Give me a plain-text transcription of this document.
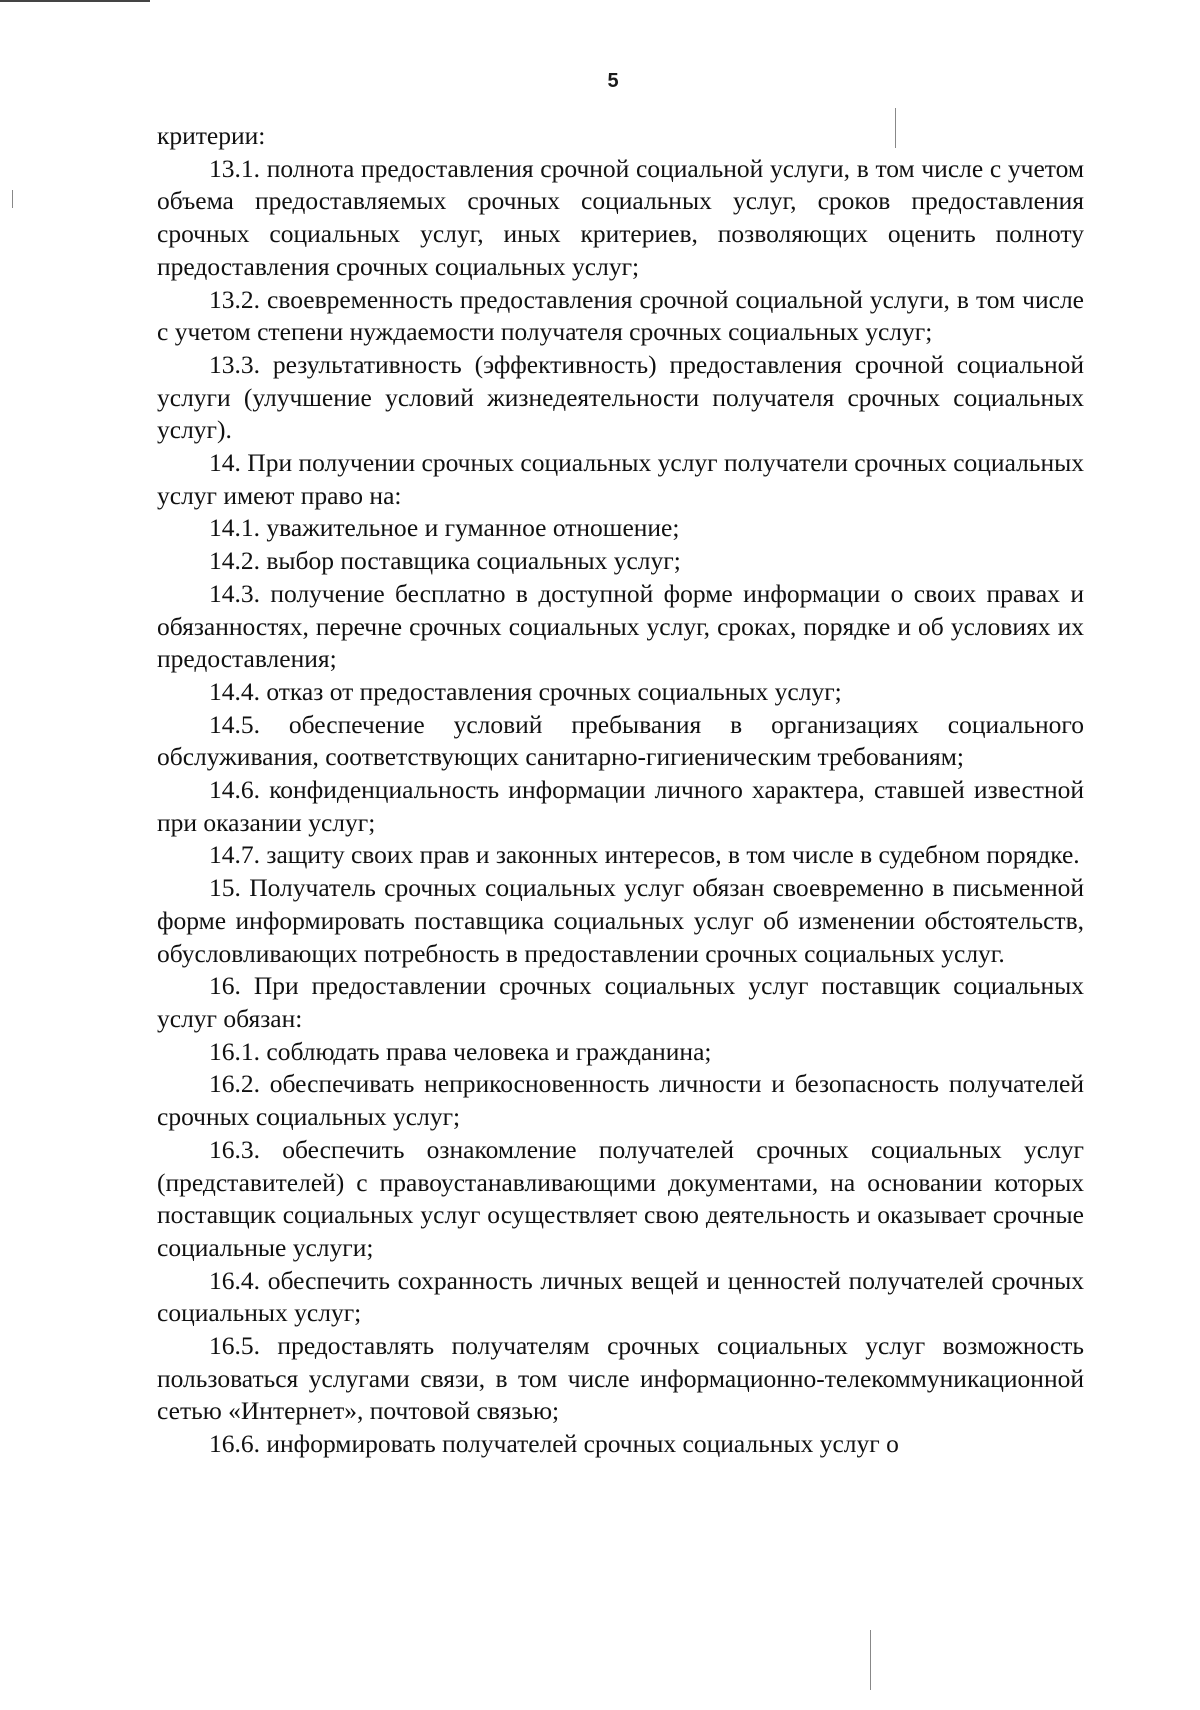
5

критерии:

13.1. полнота предоставления срочной социальной услуги, в том числе с учетом объема предоставляемых срочных социальных услуг, сроков предоставления срочных социальных услуг, иных критериев, позволяющих оценить полноту предоставления срочных социальных услуг;

13.2. своевременность предоставления срочной социальной услуги, в том числе с учетом степени нуждаемости получателя срочных социальных услуг;

13.3. результативность (эффективность) предоставления срочной социальной услуги (улучшение условий жизнедеятельности получателя срочных социальных услуг).

14. При получении срочных социальных услуг получатели срочных социальных услуг имеют право на:

14.1. уважительное и гуманное отношение;

14.2. выбор поставщика социальных услуг;

14.3. получение бесплатно в доступной форме информации о своих правах и обязанностях, перечне срочных социальных услуг, сроках, порядке и об условиях их предоставления;

14.4. отказ от предоставления срочных социальных услуг;

14.5. обеспечение условий пребывания в организациях социального обслуживания, соответствующих санитарно-гигиеническим требованиям;

14.6. конфиденциальность информации личного характера, ставшей известной при оказании услуг;

14.7. защиту своих прав и законных интересов, в том числе в судебном порядке.

15. Получатель срочных социальных услуг обязан своевременно в письменной форме информировать поставщика социальных услуг об изменении обстоятельств, обусловливающих потребность в предоставлении срочных социальных услуг.

16. При предоставлении срочных социальных услуг поставщик социальных услуг обязан:

16.1. соблюдать права человека и гражданина;

16.2. обеспечивать неприкосновенность личности и безопасность получателей срочных социальных услуг;

16.3. обеспечить ознакомление получателей срочных социальных услуг (представителей) с правоустанавливающими документами, на основании которых поставщик социальных услуг осуществляет свою деятельность и оказывает срочные социальные услуги;

16.4. обеспечить сохранность личных вещей и ценностей получателей срочных социальных услуг;

16.5. предоставлять получателям срочных социальных услуг возможность пользоваться услугами связи, в том числе информационно-телекоммуникационной сетью «Интернет», почтовой связью;

16.6. информировать получателей срочных социальных услуг о
